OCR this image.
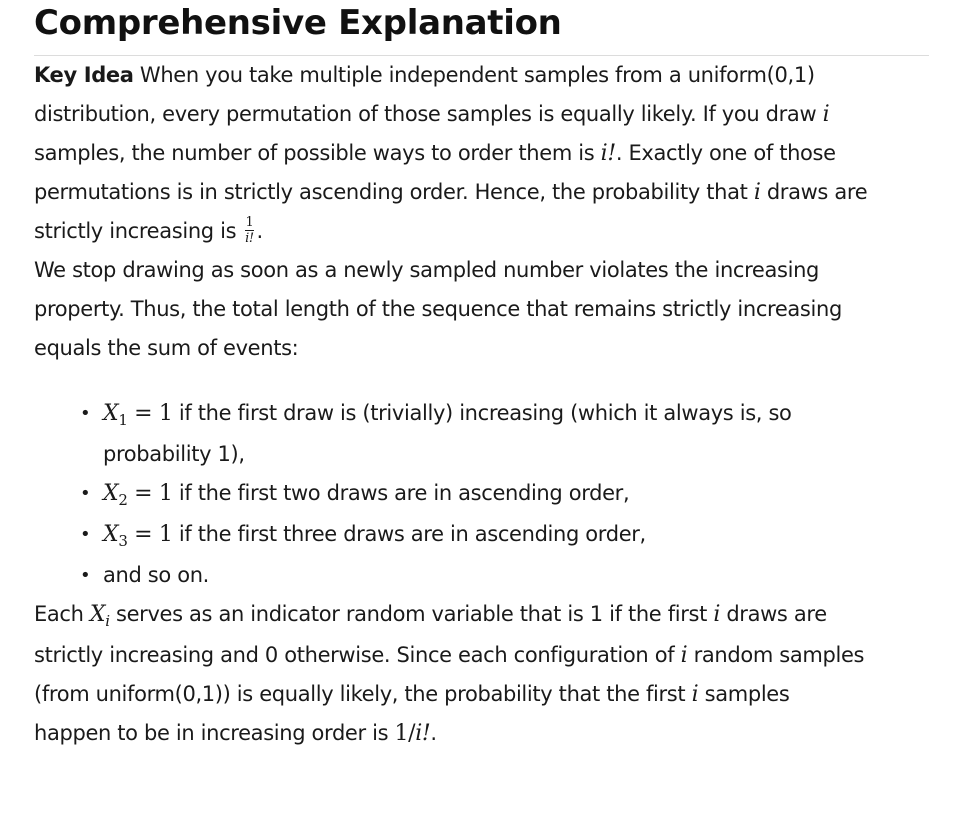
Comprehensive Explanation

Key Idea When you take multiple independent samples from a uniform(0,1)
distribution, every permutation of those samples is equally likely. If you draw i
samples, the number of possible ways to order them is i!. Exactly one of those
permutations is in strictly ascending order. Hence, the probability that i draws are
strictly increasing is $\frac{1}{i!}$ .

We stop drawing as soon as a newly sampled number violates the increasing
property. Thus, the total length of the sequence that remains strictly increasing
equals the sum of events:

• $X_1 = 1$ if the first draw is (trivially) increasing (which it always is, so
probability 1),
• $X_2 = 1$ if the first two draws are in ascending order,
• $X_3 = 1$ if the first three draws are in ascending order,
• and so on.

Each $X_i$ serves as an indicator random variable that is 1 if the first i draws are
strictly increasing and 0 otherwise. Since each configuration of i random samples
(from uniform(0,1)) is equally likely, the probability that the first i samples
happen to be in increasing order is 1/i!.
